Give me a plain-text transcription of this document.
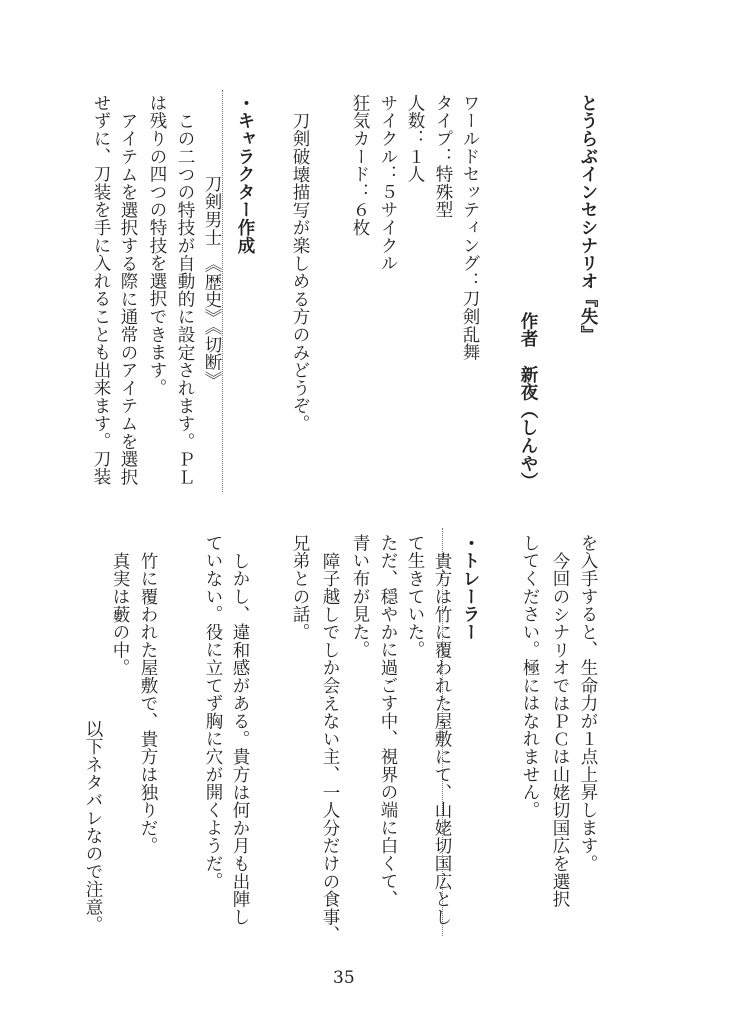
とうらぶインセシナリオ『失』
作者　新夜（しんや）
ワールドセッティング：刀剣乱舞
タイプ：特殊型
人数：１人
サイクル：５サイクル
狂気カード：６枚
刀剣破壊描写が楽しめる方のみどうぞ。
・キャラクター作成
刀剣男士　《歴史》《切断》
この二つの特技が自動的に設定されます。ＰＬ
は残りの四つの特技を選択できます。
アイテムを選択する際に通常のアイテムを選択
せずに、刀装を手に入れることも出来ます。刀装
を入手すると、生命力が１点上昇します。
今回のシナリオではＰＣは山姥切国広を選択
してください。極にはなれません。
・トレーラー
貴方は竹に覆われた屋敷にて、山姥切国広とし
て生きていた。
ただ、穏やかに過ごす中、視界の端に白くて、
青い布が見た。
障子越しでしか会えない主、一人分だけの食事、
兄弟との話。
しかし、違和感がある。貴方は何か月も出陣し
ていない。役に立てず胸に穴が開くようだ。
竹に覆われた屋敷で、貴方は独りだ。
真実は藪の中。
以下ネタバレなので注意。
35
